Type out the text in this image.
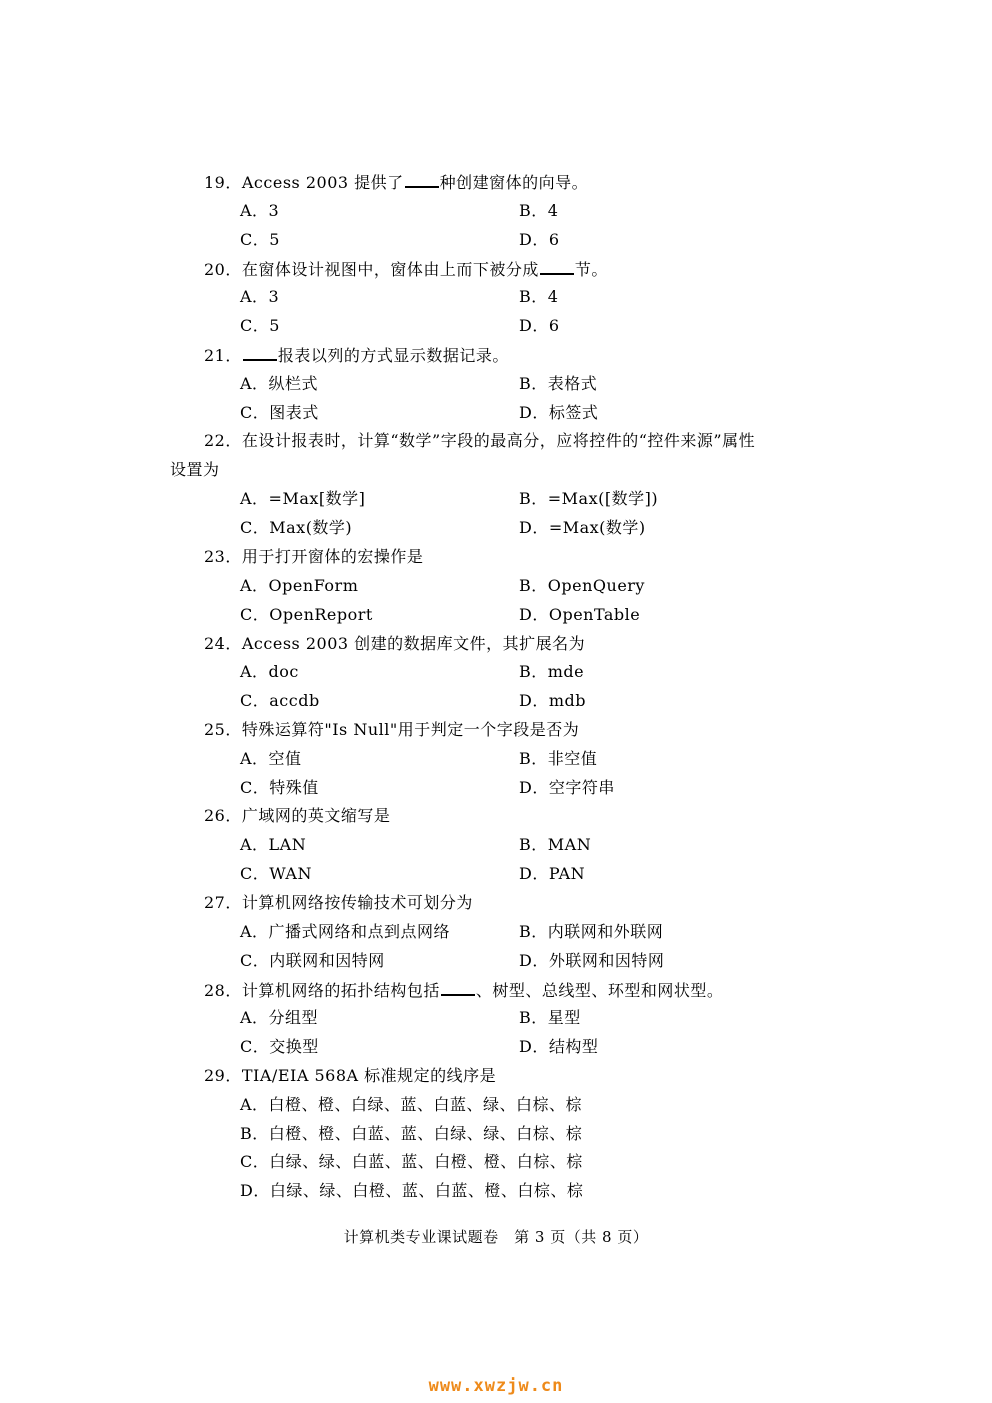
19．Access 2003 提供了 种创建窗体的向导。
A．3	B．4
C．5	D．6
20．在窗体设计视图中，窗体由上而下被分成 节。
A．3	B．4
C．5	D．6
21． 报表以列的方式显示数据记录。
A．纵栏式	B．表格式
C．图表式	D．标签式
22．在设计报表时，计算“数学”字段的最高分，应将控件的“控件来源”属性
设置为
A．=Max[数学]	B．=Max([数学])
C．Max(数学)	D．=Max(数学)
23．用于打开窗体的宏操作是
A．OpenForm	B．OpenQuery
C．OpenReport	D．OpenTable
24．Access 2003 创建的数据库文件，其扩展名为
A．doc	B．mde
C．accdb	D．mdb
25．特殊运算符"Is Null"用于判定一个字段是否为
A．空值	B．非空值
C．特殊值	D．空字符串
26．广域网的英文缩写是
A．LAN	B．MAN
C．WAN	D．PAN
27．计算机网络按传输技术可划分为
A．广播式网络和点到点网络	B．内联网和外联网
C．内联网和因特网	D．外联网和因特网
28．计算机网络的拓扑结构包括 、树型、总线型、环型和网状型。
A．分组型	B．星型
C．交换型	D．结构型
29．TIA/EIA 568A 标准规定的线序是
A．白橙、橙、白绿、蓝、白蓝、绿、白棕、棕
B．白橙、橙、白蓝、蓝、白绿、绿、白棕、棕
C．白绿、绿、白蓝、蓝、白橙、橙、白棕、棕
D．白绿、绿、白橙、蓝、白蓝、橙、白棕、棕
计算机类专业课试题卷　第 3 页（共 8 页）
www.xwzjw.cn
